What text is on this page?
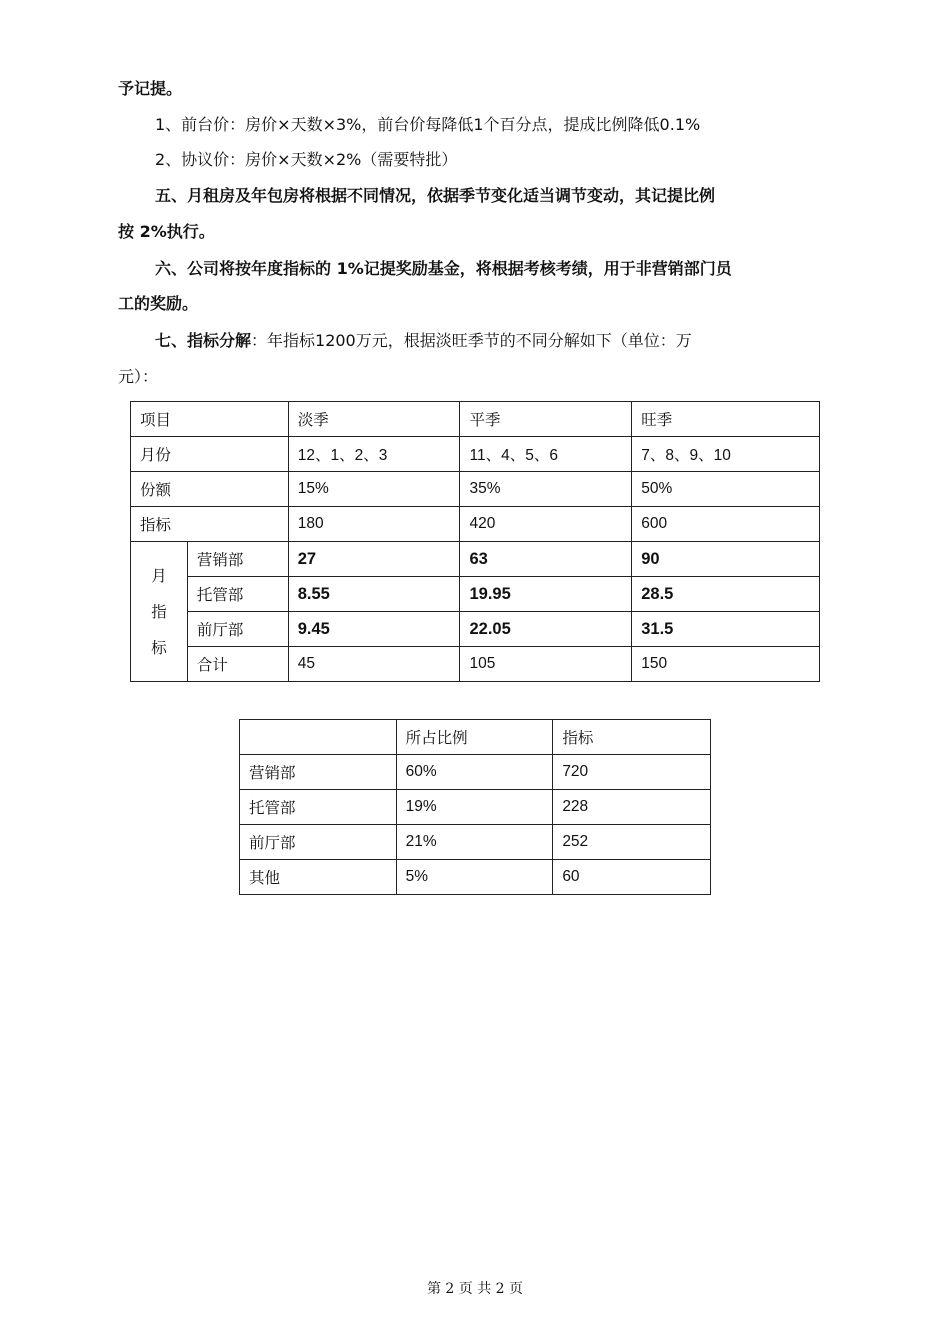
予记提。
1、前台价：房价×天数×3%，前台价每降低1个百分点，提成比例降低0.1%
2、协议价：房价×天数×2%（需要特批）
五、月租房及年包房将根据不同情况，依据季节变化适当调节变动，其记提比例
按 2%执行。
六、公司将按年度指标的 1%记提奖励基金，将根据考核考绩，用于非营销部门员
工的奖励。
七、指标分解：年指标1200万元，根据淡旺季节的不同分解如下（单位：万
元）：
项目		淡季	平季	旺季
月份		12、1、2、3	11、4、5、6	7、8、9、10
份额		15%	35%	50%
指标		180	420	600

月
指
标	营销部	27	63	90
	托管部	8.55	19.95	28.5
	前厅部	9.45	22.05	31.5
	合计	45	105	150
	所占比例	指标
营销部	60%	720
托管部	19%	228
前厅部	21%	252
其他	5%	60
第 2 页 共 2 页
